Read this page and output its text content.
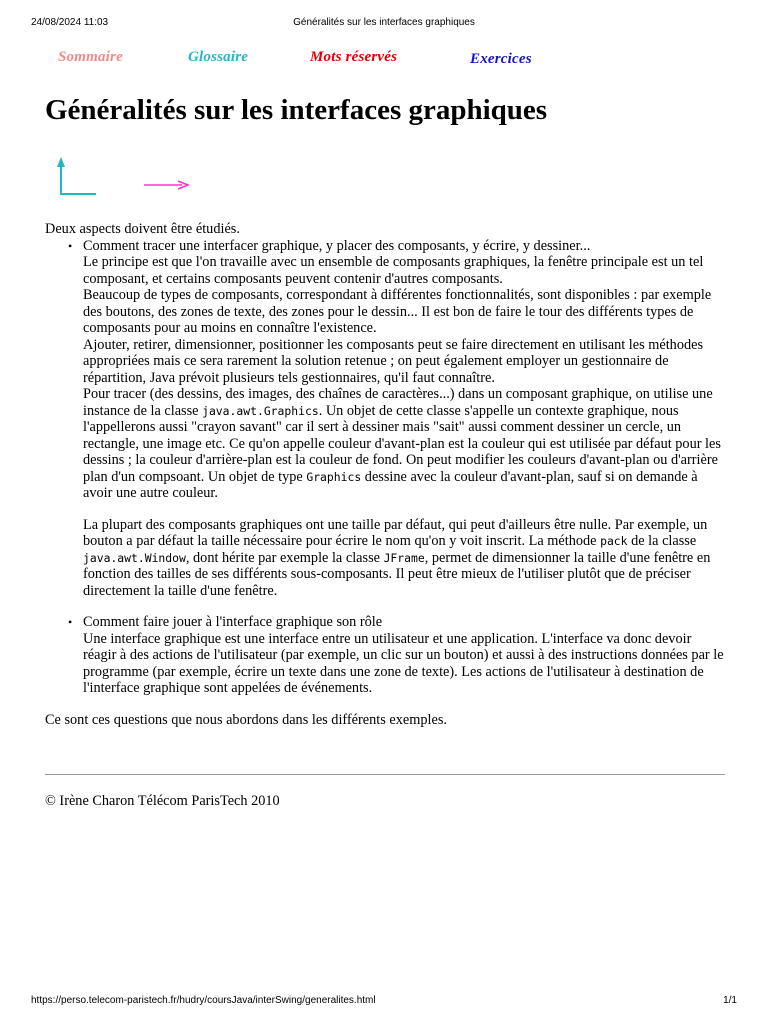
24/08/2024 11:03	Généralités sur les interfaces graphiques
Sommaire	Glossaire	Mots réservés	Exercices
Généralités sur les interfaces graphiques

Deux aspects doivent être étudiés.

• Comment tracer une interfacer graphique, y placer des composants, y écrire, y dessiner...

Le principe est que l'on travaille avec un ensemble de composants graphiques, la fenêtre principale est un tel composant, et certains composants peuvent contenir d'autres composants.
Beaucoup de types de composants, correspondant à différentes fonctionnalités, sont disponibles : par exemple des boutons, des zones de texte, des zones pour le dessin... Il est bon de faire le tour des différents types de composants pour au moins en connaître l'existence.
Ajouter, retirer, dimensionner, positionner les composants peut se faire directement en utilisant les méthodes appropriées mais ce sera rarement la solution retenue ; on peut également employer un gestionnaire de répartition, Java prévoit plusieurs tels gestionnaires, qu'il faut connaître.
Pour tracer (des dessins, des images, des chaînes de caractères...) dans un composant graphique, on utilise une instance de la classe java.awt.Graphics. Un objet de cette classe s'appelle un contexte graphique, nous l'appellerons aussi "crayon savant" car il sert à dessiner mais "sait" aussi comment dessiner un cercle, un rectangle, une image etc. Ce qu'on appelle couleur d'avant-plan est la couleur qui est utilisée par défaut pour les dessins ; la couleur d'arrière-plan est la couleur de fond. On peut modifier les couleurs d'avant-plan ou d'arrière plan d'un compsoant. Un objet de type Graphics dessine avec la couleur d'avant-plan, sauf si on demande à avoir une autre couleur.
La plupart des composants graphiques ont une taille par défaut, qui peut d'ailleurs être nulle. Par exemple, un bouton a par défaut la taille nécessaire pour écrire le nom qu'on y voit inscrit. La méthode pack de la classe java.awt.Window, dont hérite par exemple la classe JFrame, permet de dimensionner la taille d'une fenêtre en fonction des tailles de ses différents sous-composants. Il peut être mieux de l'utiliser plutôt que de préciser directement la taille d'une fenêtre.
• Comment faire jouer à l'interface graphique son rôle

Une interface graphique est une interface entre un utilisateur et une application. L'interface va donc devoir réagir à des actions de l'utilisateur (par exemple, un clic sur un bouton) et aussi à des instructions données par le programme (par exemple, écrire un texte dans une zone de texte). Les actions de l'utilisateur à destination de l'interface graphique sont appelées de événements.

Ce sont ces questions que nous abordons dans les différents exemples.

© Irène Charon Télécom ParisTech 2010

https://perso.telecom-paristech.fr/hudry/coursJava/interSwing/generalites.html	1/1
